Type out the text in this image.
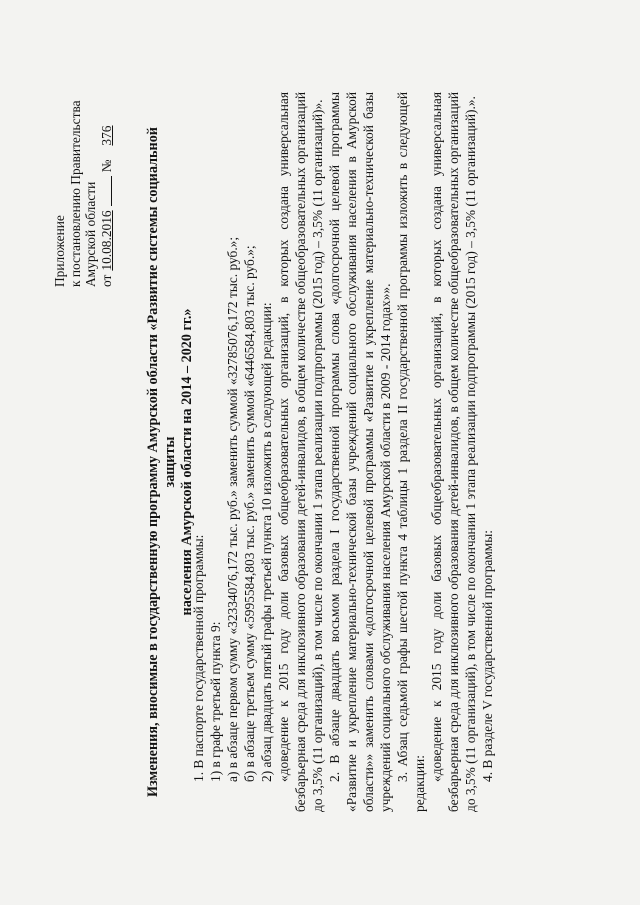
Приложение к постановлению Правительства Амурской области от
10.08.2016
№
376 Изменения, вносимые в государственную программу Амурской области «Развитие системы социальной защиты населения Амурской области на 2014 – 2020 гг.»

1. В паспорте государственной программы: 1) в графе третьей пункта 9: а) в абзаце первом сумму «32334076,172 тыс. руб.» заменить суммой «32785076,172 тыс. руб.»; б) в абзаце третьем сумму «5995584,803 тыс. руб.» заменить суммой «6446584,803 тыс. руб.»; 2) абзац двадцать пятый графы третьей пункта 10 изложить в следующей редакции: «доведение к 2015 году доли базовых общеобразовательных организаций, в которых создана универсальная безбарьерная среда для инклюзивного образования детей-инвалидов, в общем количестве общеобразовательных организаций до 3,5% (11 организаций), в том числе по окончании 1 этапа реализации подпрограммы (2015 год) – 3,5% (11 организаций)». 2. В абзаце двадцать восьмом раздела I государственной программы слова «долгосрочной целевой программы «Развитие и укрепление материально-технической базы учреждений социального обслуживания населения в Амурской области»» заменить словами «долгосрочной целевой программы «Развитие и укрепление материально-технической базы учреждений социального обслуживания населения Амурской области в 2009 - 2014 годах»». 3. Абзац седьмой графы шестой пункта 4 таблицы 1 раздела II государственной программы изложить в следующей редакции:

«доведение к 2015 году доли базовых общеобразовательных организаций, в которых создана универсальная безбарьерная среда для инклюзивного образования детей-инвалидов, в общем количестве общеобразовательных организаций до 3,5% (11 организаций), в том числе по окончании 1 этапа реализации подпрограммы (2015 год) – 3,5% (11 организаций).». 4. В разделе V государственной программы:
